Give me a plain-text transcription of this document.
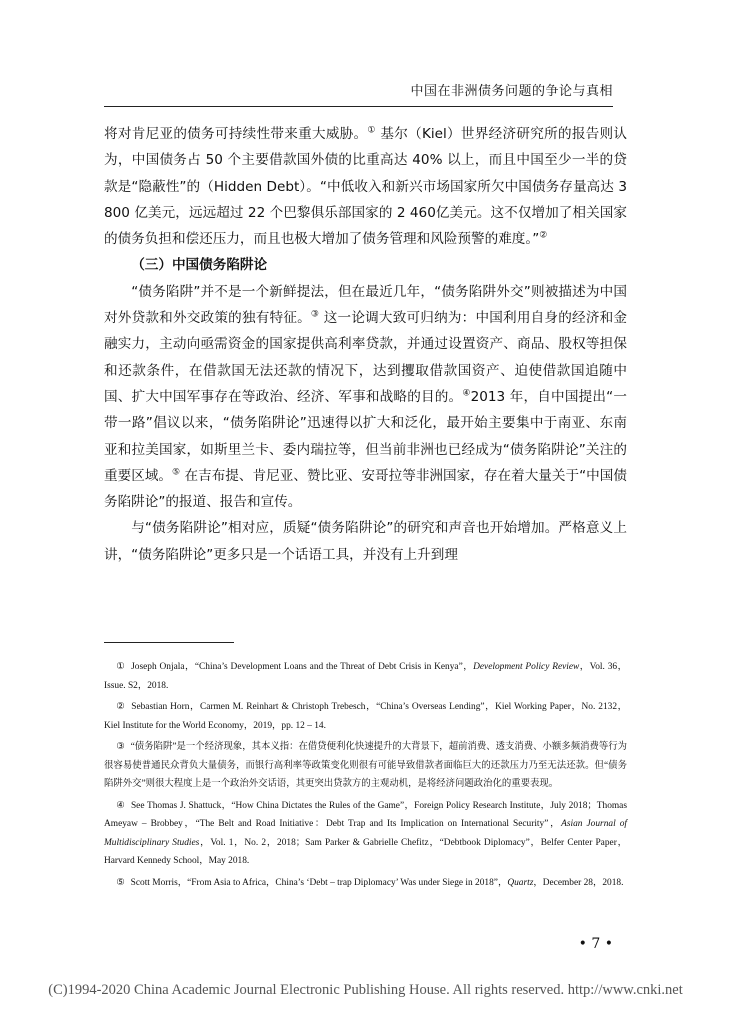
中国在非洲债务问题的争论与真相

将对肯尼亚的债务可持续性带来重大威胁。① 基尔（Kiel）世界经济研究所的报告则认为，中国债务占 50 个主要借款国外债的比重高达 40% 以上，而且中国至少一半的贷款是“隐蔽性”的（Hidden Debt）。“中低收入和新兴市场国家所欠中国债务存量高达 3 800 亿美元，远远超过 22 个巴黎俱乐部国家的 2 460亿美元。这不仅增加了相关国家的债务负担和偿还压力，而且也极大增加了债务管理和风险预警的难度。”②

（三）中国债务陷阱论

“债务陷阱”并不是一个新鲜提法，但在最近几年，“债务陷阱外交”则被描述为中国对外贷款和外交政策的独有特征。③ 这一论调大致可归纳为：中国利用自身的经济和金融实力，主动向亟需资金的国家提供高利率贷款，并通过设置资产、商品、股权等担保和还款条件，在借款国无法还款的情况下，达到攫取借款国资产、迫使借款国追随中国、扩大中国军事存在等政治、经济、军事和战略的目的。④2013 年，自中国提出“一带一路”倡议以来，“债务陷阱论”迅速得以扩大和泛化，最开始主要集中于南亚、东南亚和拉美国家，如斯里兰卡、委内瑞拉等，但当前非洲也已经成为“债务陷阱论”关注的重要区域。⑤ 在吉布提、肯尼亚、赞比亚、安哥拉等非洲国家，存在着大量关于“中国债务陷阱论”的报道、报告和宣传。

与“债务陷阱论”相对应，质疑“债务陷阱论”的研究和声音也开始增加。严格意义上讲，“债务陷阱论”更多只是一个话语工具，并没有上升到理

① Joseph Onjala，“China’s Development Loans and the Threat of Debt Crisis in Kenya”，Development Policy Review，Vol. 36，Issue. S2，2018.

② Sebastian Horn，Carmen M. Reinhart & Christoph Trebesch，“China’s Overseas Lending”，Kiel Working Paper，No. 2132，Kiel Institute for the World Economy，2019，pp. 12 – 14.

③ “债务陷阱”是一个经济现象，其本义指：在借贷便利化快速提升的大背景下，超前消费、透支消费、小额多频消费等行为很容易使普通民众背负大量债务，而银行高利率等政策变化则很有可能导致借款者面临巨大的还款压力乃至无法还款。但“债务陷阱外交”则很大程度上是一个政治外交话语，其更突出贷款方的主观动机，是将经济问题政治化的重要表现。

④ See Thomas J. Shattuck，“How China Dictates the Rules of the Game”，Foreign Policy Research Institute，July 2018；Thomas Ameyaw – Brobbey，“The Belt and Road Initiative：Debt Trap and Its Implication on International Security”，Asian Journal of Multidisciplinary Studies，Vol. 1，No. 2，2018；Sam Parker & Gabrielle Chefitz，“Debtbook Diplomacy”，Belfer Center Paper，Harvard Kennedy School，May 2018.

⑤ Scott Morris，“From Asia to Africa，China’s ‘Debt – trap Diplomacy’ Was under Siege in 2018”，Quartz，December 28，2018.

• 7 •
(C)1994-2020 China Academic Journal Electronic Publishing House. All rights reserved. http://www.cnki.net
